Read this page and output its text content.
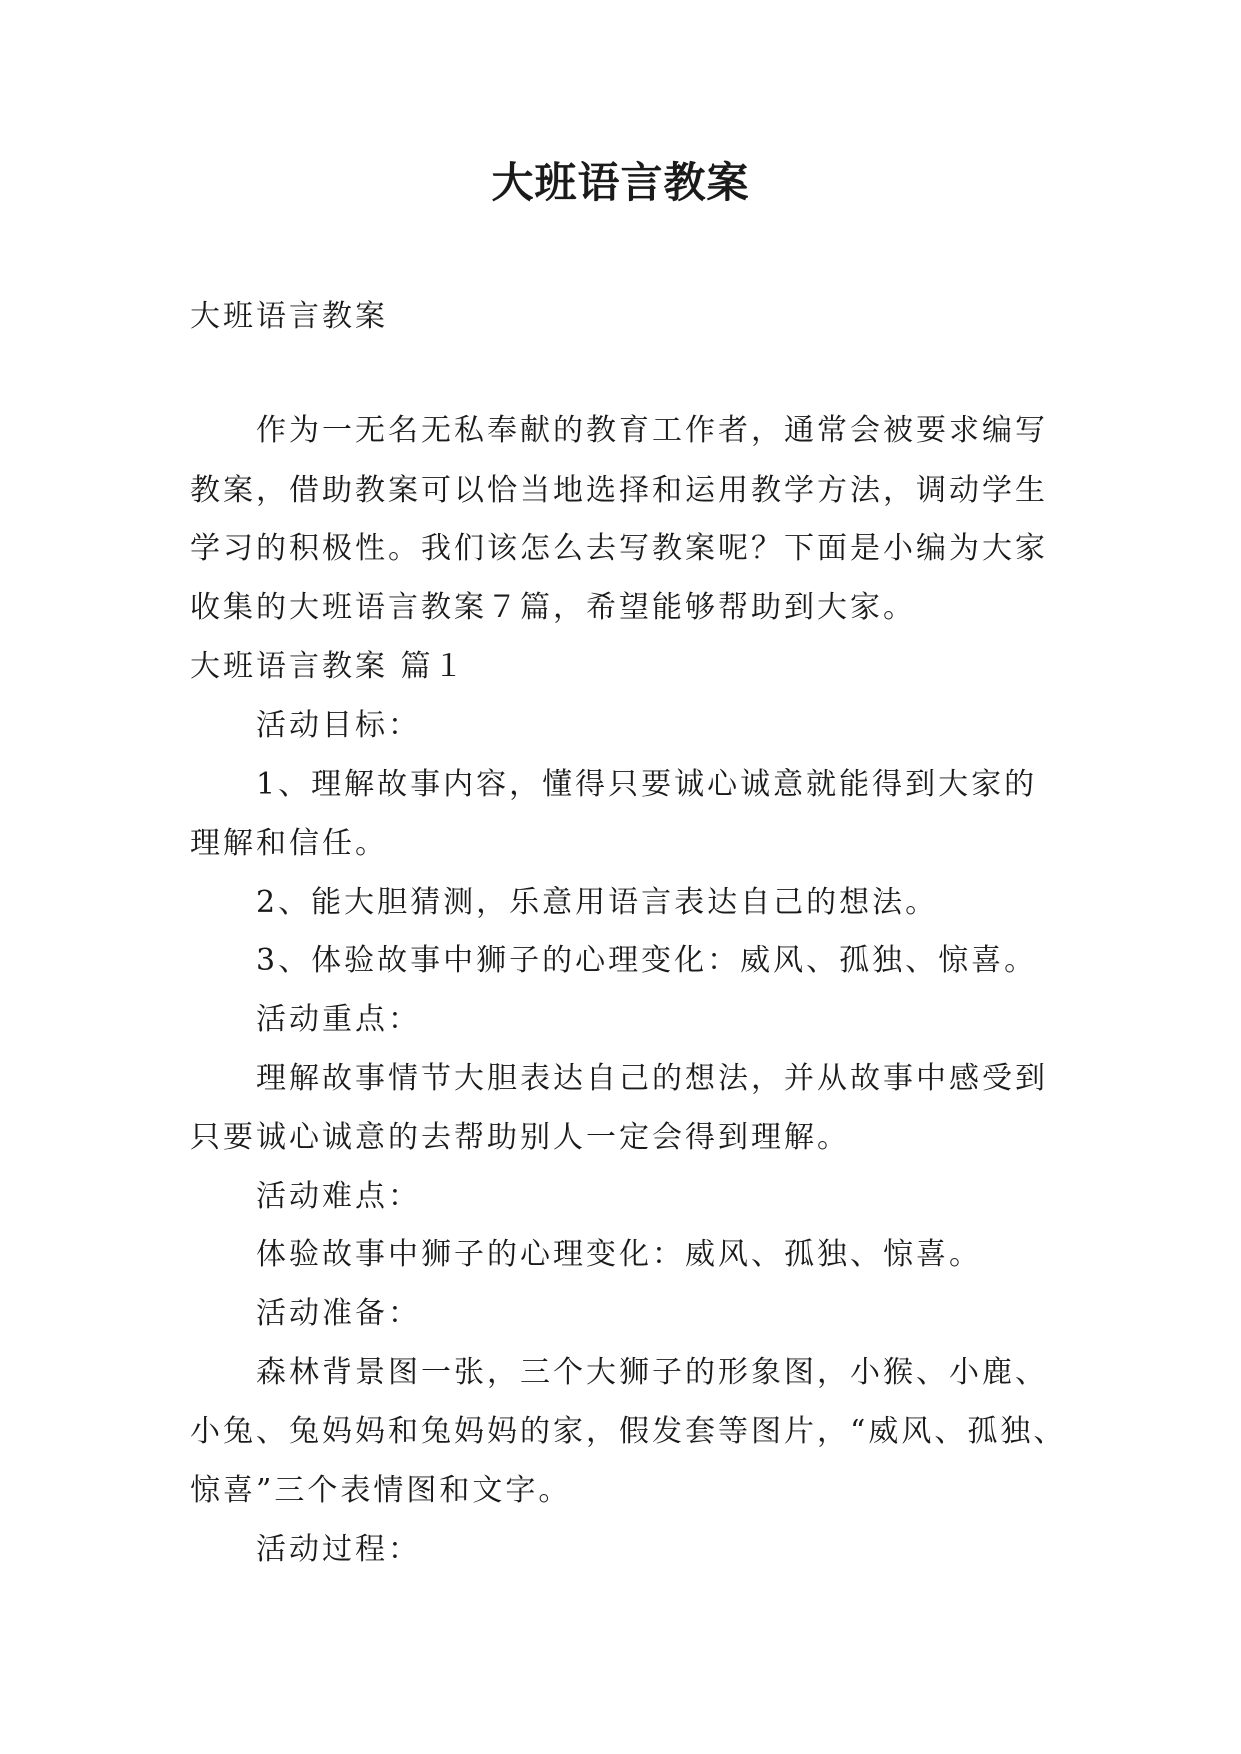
大班语言教案

大班语言教案

作为一无名无私奉献的教育工作者，通常会被要求编写

教案，借助教案可以恰当地选择和运用教学方法，调动学生

学习的积极性。我们该怎么去写教案呢？下面是小编为大家

收集的大班语言教案７篇，希望能够帮助到大家。

大班语言教案 篇１

活动目标：

1、理解故事内容，懂得只要诚心诚意就能得到大家的

理解和信任。

2、能大胆猜测，乐意用语言表达自己的想法。

3、体验故事中狮子的心理变化：威风、孤独、惊喜。

活动重点：

理解故事情节大胆表达自己的想法，并从故事中感受到

只要诚心诚意的去帮助别人一定会得到理解。

活动难点：

体验故事中狮子的心理变化：威风、孤独、惊喜。

活动准备：

森林背景图一张，三个大狮子的形象图，小猴、小鹿、

小兔、兔妈妈和兔妈妈的家，假发套等图片，“威风、孤独、

惊喜”三个表情图和文字。

活动过程：
